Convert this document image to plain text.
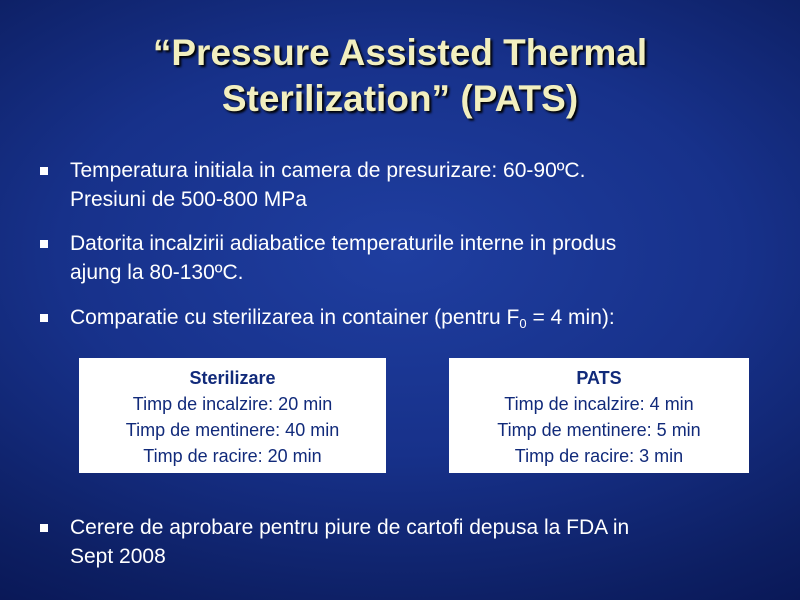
“Pressure Assisted Thermal
Sterilization” (PATS)
Temperatura initiala in camera de presurizare: 60-90ºC.
Presiuni de 500-800 MPa
Datorita incalzirii adiabatice temperaturile interne in produs
ajung la 80-130ºC.
Comparatie cu sterilizarea in container (pentru $F_0 = 4$ min):
Sterilizare
Timp de incalzire: 20 min
Timp de mentinere: 40 min
Timp de racire: 20 min
PATS
Timp de incalzire: 4 min
Timp de mentinere: 5 min
Timp de racire: 3 min
Cerere de aprobare pentru piure de cartofi depusa la FDA in
Sept 2008
